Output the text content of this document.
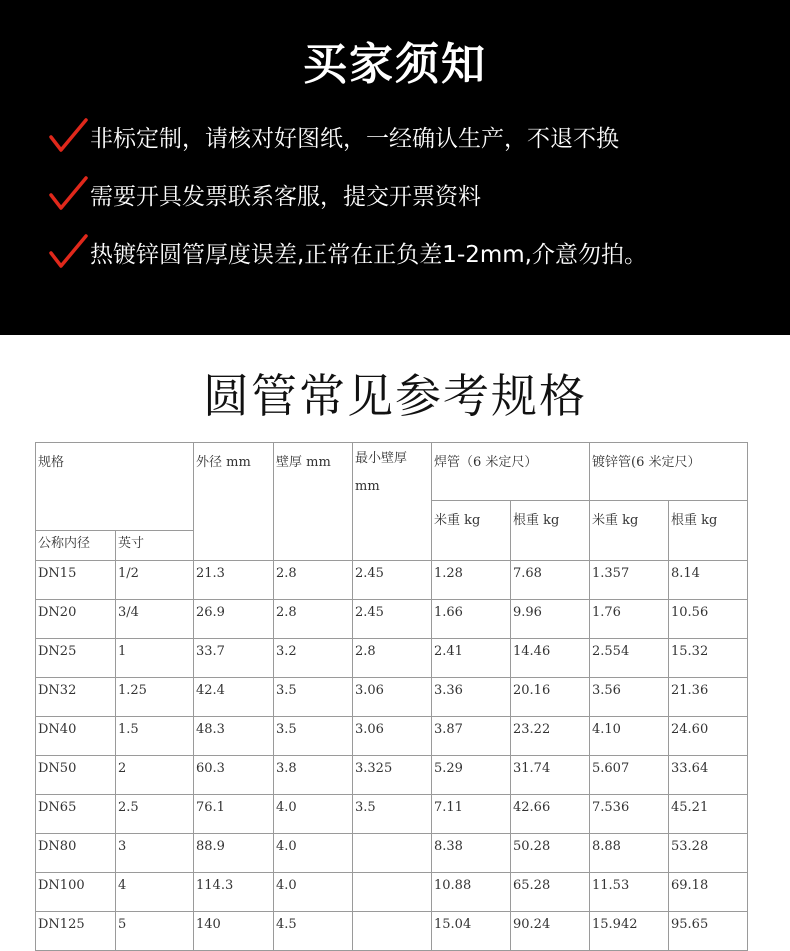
买家须知
非标定制，请核对好图纸，一经确认生产，不退不换
需要开具发票联系客服，提交开票资料
热镀锌圆管厚度误差,正常在正负差1-2mm,介意勿拍。
圆管常见参考规格
规格		外径 mm	壁厚 mm	最小壁厚 mm	焊管（6 米定尺）		镀锌管(6 米定尺）	
					米重 kg	根重 kg	米重 kg	根重 kg
公称内径	英寸							
DN15	1/2	21.3	2.8	2.45	1.28	7.68	1.357	8.14
DN20	3/4	26.9	2.8	2.45	1.66	9.96	1.76	10.56
DN25	1	33.7	3.2	2.8	2.41	14.46	2.554	15.32
DN32	1.25	42.4	3.5	3.06	3.36	20.16	3.56	21.36
DN40	1.5	48.3	3.5	3.06	3.87	23.22	4.10	24.60
DN50	2	60.3	3.8	3.325	5.29	31.74	5.607	33.64
DN65	2.5	76.1	4.0	3.5	7.11	42.66	7.536	45.21
DN80	3	88.9	4.0		8.38	50.28	8.88	53.28
DN100	4	114.3	4.0		10.88	65.28	11.53	69.18
DN125	5	140	4.5		15.04	90.24	15.942	95.65
